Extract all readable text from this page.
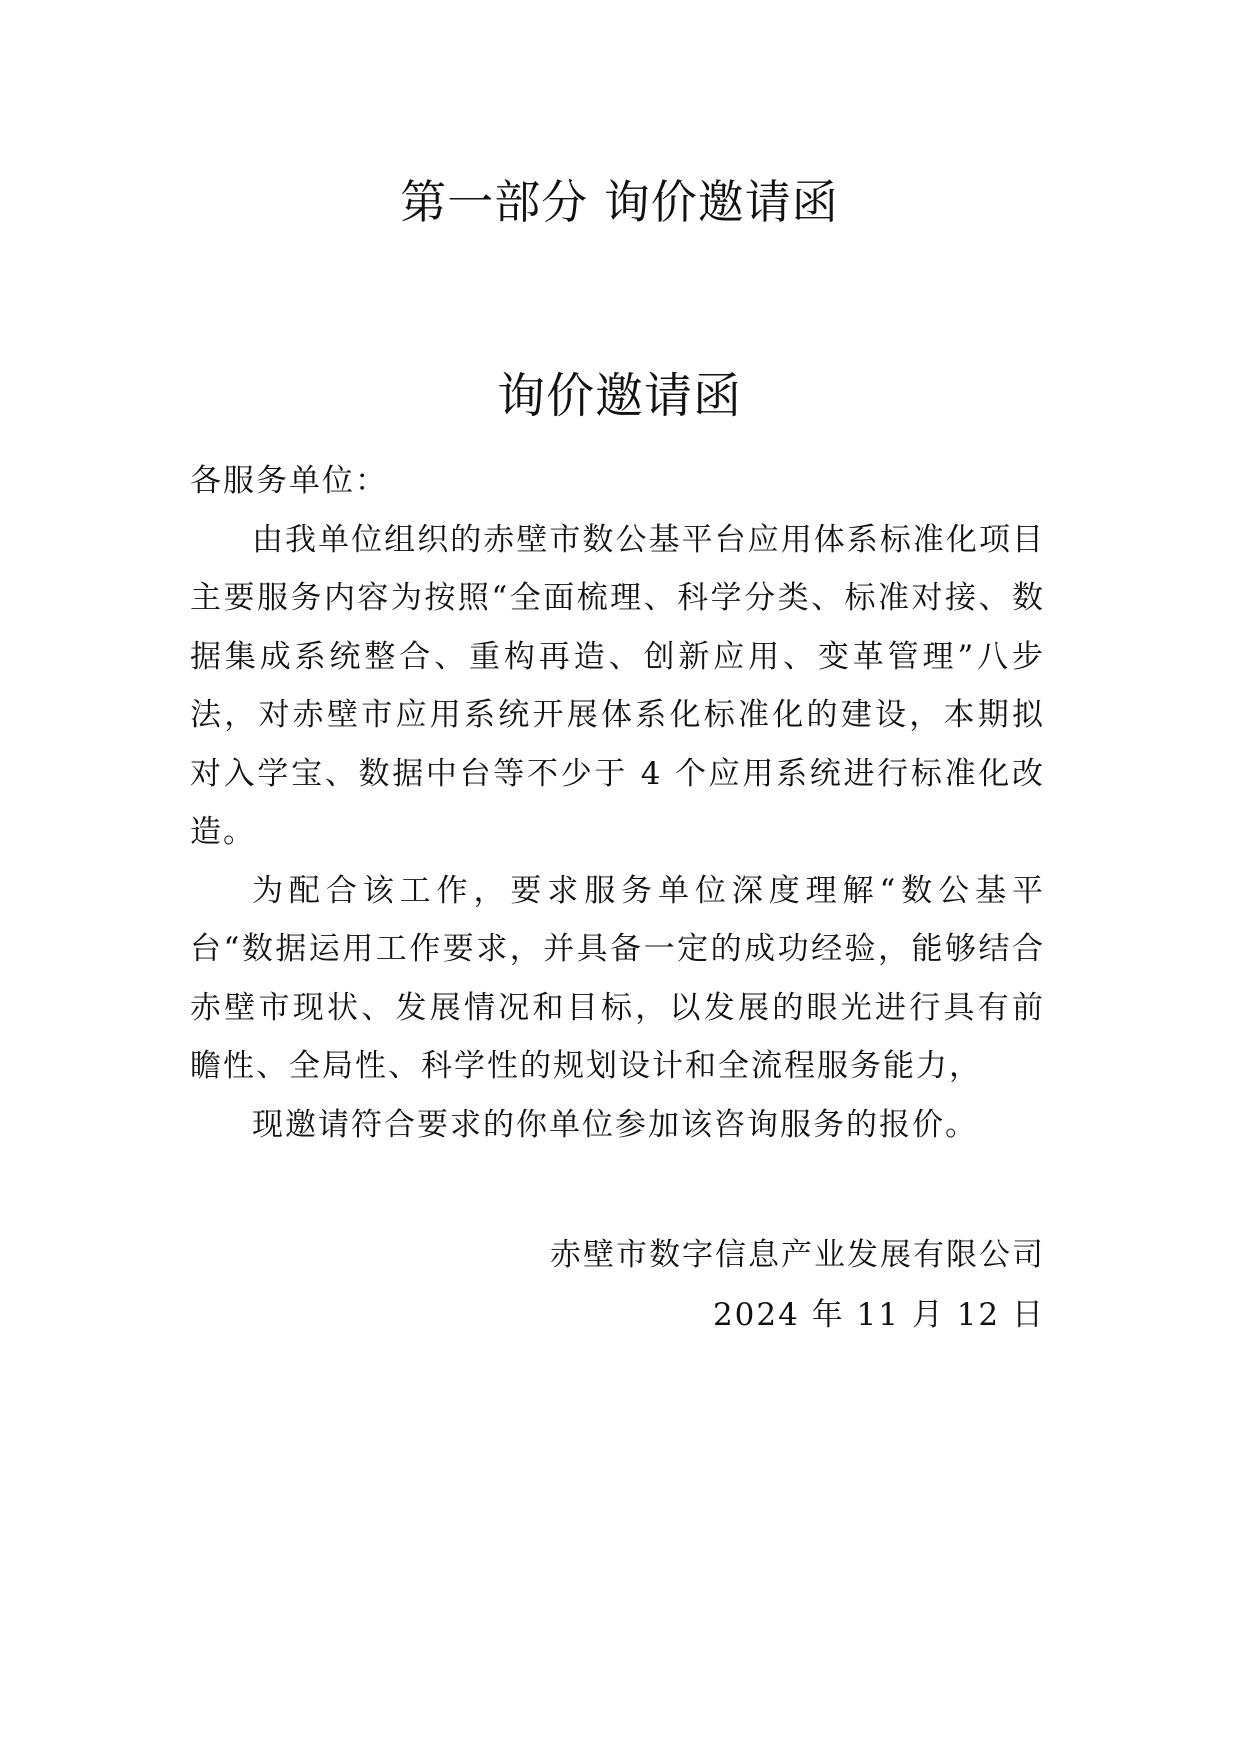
第一部分 询价邀请函
询价邀请函

各服务单位：

由我单位组织的赤壁市数公基平台应用体系标准化项目主要服务内容为按照“全面梳理、科学分类、标准对接、数据集成系统整合、重构再造、创新应用、变革管理”八步法，对赤壁市应用系统开展体系化标准化的建设，本期拟对入学宝、数据中台等不少于 4 个应用系统进行标准化改造。

为配合该工作，要求服务单位深度理解“数公基平台“数据运用工作要求，并具备一定的成功经验，能够结合赤壁市现状、发展情况和目标，以发展的眼光进行具有前瞻性、全局性、科学性的规划设计和全流程服务能力，

现邀请符合要求的你单位参加该咨询服务的报价。

赤壁市数字信息产业发展有限公司
2024 年 11 月 12 日
